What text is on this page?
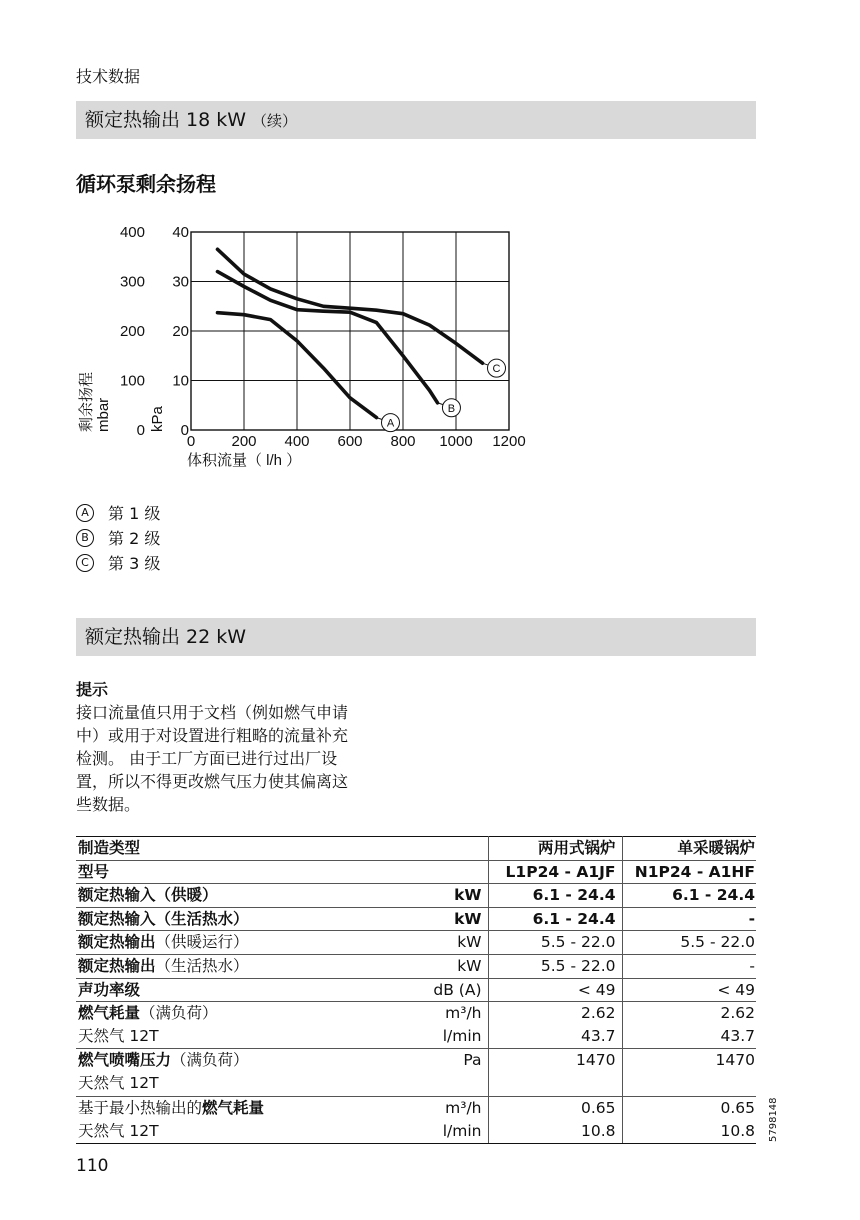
技术数据
额定热输出 18 kW （续）
循环泵剩余扬程
0 200 400 600 800 1000 1200
40
30
20
10
0
400
300
200
100
0
剩余扬程 mbar kPa
体积流量（ l/h ）
A
B
C
A	第 1 级
B	第 2 级
C	第 3 级
额定热输出 22 kW
提示
接口流量值只用于文档（例如燃气申请
中）或用于对设置进行粗略的流量补充
检测。 由于工厂方面已进行过出厂设
置，所以不得更改燃气压力使其偏离这
些数据。
制造类型		两用式锅炉	单采暖锅炉
型号		L1P24 - A1JF	N1P24 - A1HF
额定热输入（供暖）	kW	6.1 - 24.4	6.1 - 24.4
额定热输入（生活热水）	kW	6.1 - 24.4	-
额定热输出（供暖运行）	kW	5.5 - 22.0	5.5 - 22.0
额定热输出（生活热水）	kW	5.5 - 22.0	-
声功率级	dB (A)	< 49	< 49
燃气耗量（满负荷）	m³/h	2.62	2.62
天然气 12T	l/min	43.7	43.7
燃气喷嘴压力（满负荷）	Pa	1470	1470
天然气 12T			
基于最小热输出的燃气耗量	m³/h	0.65	0.65
天然气 12T	l/min	10.8	10.8
110
5798148
